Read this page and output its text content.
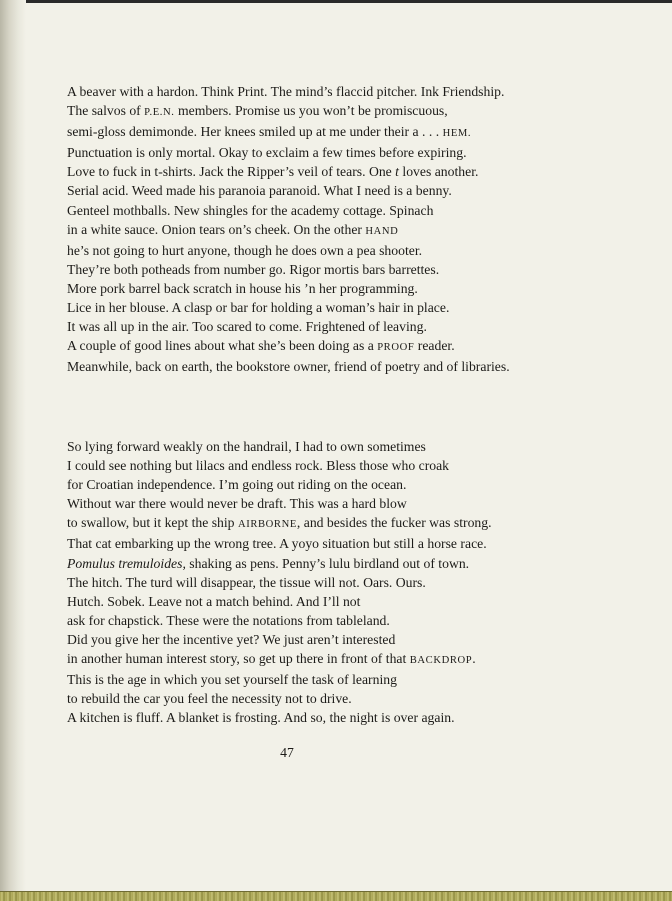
A beaver with a hardon. Think Print. The mind’s flaccid pitcher. Ink Friendship.
The salvos of P.E.N. members. Promise us you won’t be promiscuous,
semi-gloss demimonde. Her knees smiled up at me under their a . . . HEM.
Punctuation is only mortal. Okay to exclaim a few times before expiring.
Love to fuck in t-shirts. Jack the Ripper’s veil of tears. One t loves another.
Serial acid. Weed made his paranoia paranoid. What I need is a benny.
Genteel mothballs. New shingles for the academy cottage. Spinach
in a white sauce. Onion tears on’s cheek. On the other HAND
he’s not going to hurt anyone, though he does own a pea shooter.
They’re both potheads from number go. Rigor mortis bars barrettes.
More pork barrel back scratch in house his ’n her programming.
Lice in her blouse. A clasp or bar for holding a woman’s hair in place.
It was all up in the air. Too scared to come. Frightened of leaving.
A couple of good lines about what she’s been doing as a PROOF reader.
Meanwhile, back on earth, the bookstore owner, friend of poetry and of libraries.
So lying forward weakly on the handrail, I had to own sometimes
I could see nothing but lilacs and endless rock. Bless those who croak
for Croatian independence. I’m going out riding on the ocean.
Without war there would never be draft. This was a hard blow
to swallow, but it kept the ship AIRBORNE, and besides the fucker was strong.
That cat embarking up the wrong tree. A yoyo situation but still a horse race.
Pomulus tremuloides, shaking as pens. Penny’s lulu birdland out of town.
The hitch. The turd will disappear, the tissue will not. Oars. Ours.
Hutch. Sobek. Leave not a match behind. And I’ll not
ask for chapstick. These were the notations from tableland.
Did you give her the incentive yet? We just aren’t interested
in another human interest story, so get up there in front of that BACKDROP.
This is the age in which you set yourself the task of learning
to rebuild the car you feel the necessity not to drive.
A kitchen is fluff. A blanket is frosting. And so, the night is over again.
47
